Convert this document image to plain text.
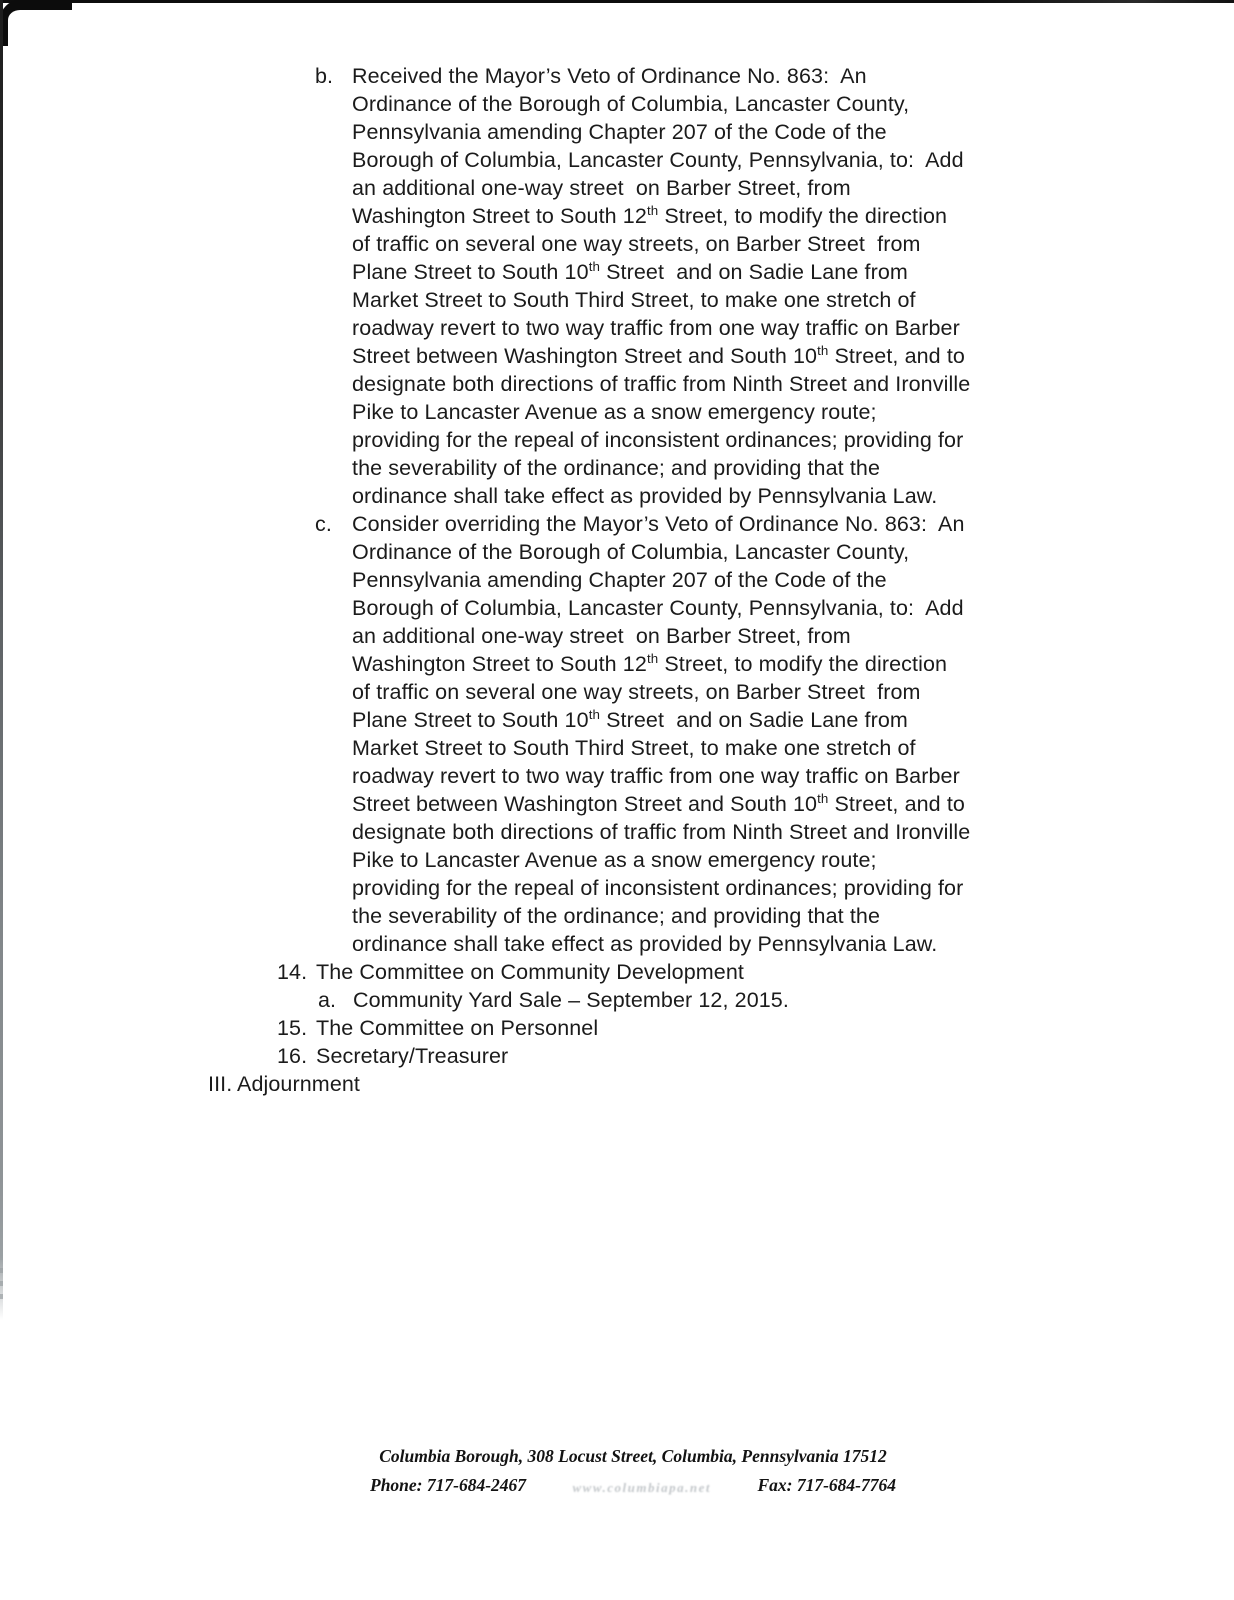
b. Received the Mayor’s Veto of Ordinance No. 863:  An
Ordinance of the Borough of Columbia, Lancaster County,
Pennsylvania amending Chapter 207 of the Code of the
Borough of Columbia, Lancaster County, Pennsylvania, to:  Add
an additional one-way street  on Barber Street, from
Washington Street to South 12th Street, to modify the direction
of traffic on several one way streets, on Barber Street  from
Plane Street to South 10th Street  and on Sadie Lane from
Market Street to South Third Street, to make one stretch of
roadway revert to two way traffic from one way traffic on Barber
Street between Washington Street and South 10th Street, and to
designate both directions of traffic from Ninth Street and Ironville
Pike to Lancaster Avenue as a snow emergency route;
providing for the repeal of inconsistent ordinances; providing for
the severability of the ordinance; and providing that the
ordinance shall take effect as provided by Pennsylvania Law.
c. Consider overriding the Mayor’s Veto of Ordinance No. 863:  An
Ordinance of the Borough of Columbia, Lancaster County,
Pennsylvania amending Chapter 207 of the Code of the
Borough of Columbia, Lancaster County, Pennsylvania, to:  Add
an additional one-way street  on Barber Street, from
Washington Street to South 12th Street, to modify the direction
of traffic on several one way streets, on Barber Street  from
Plane Street to South 10th Street  and on Sadie Lane from
Market Street to South Third Street, to make one stretch of
roadway revert to two way traffic from one way traffic on Barber
Street between Washington Street and South 10th Street, and to
designate both directions of traffic from Ninth Street and Ironville
Pike to Lancaster Avenue as a snow emergency route;
providing for the repeal of inconsistent ordinances; providing for
the severability of the ordinance; and providing that the
ordinance shall take effect as provided by Pennsylvania Law.
14. The Committee on Community Development
a. Community Yard Sale – September 12, 2015.
15. The Committee on Personnel
16. Secretary/Treasurer
III. Adjournment
Columbia Borough, 308 Locust Street, Columbia, Pennsylvania 17512
Phone: 717-684-2467	www.columbiapa.net	Fax: 717-684-7764
